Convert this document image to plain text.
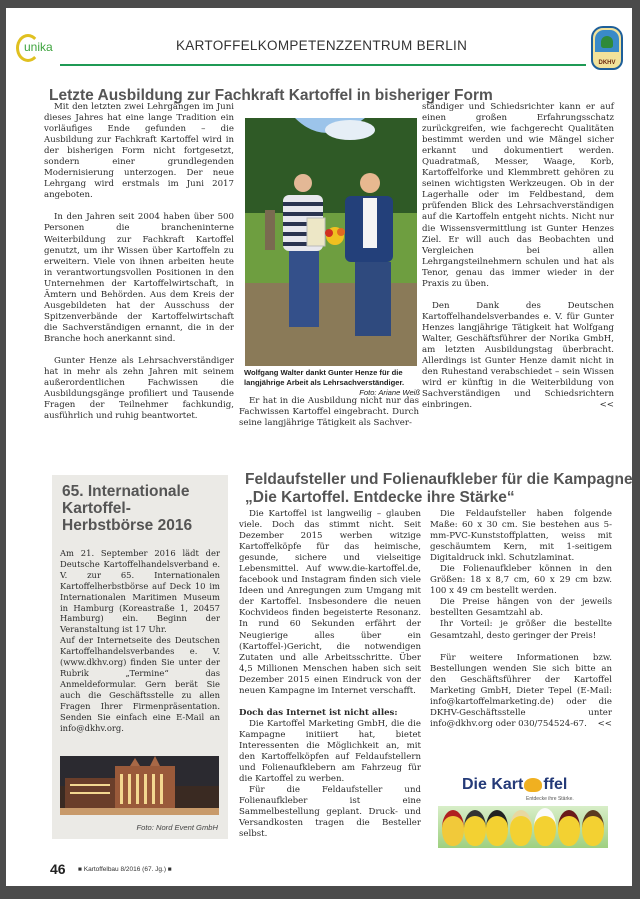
unika	KARTOFFELKOMPETENZZENTRUM BERLIN
DKHV
Letzte Ausbildung zur Fachkraft Kartoffel in bisheriger Form

Mit den letzten zwei Lehrgängen im Juni dieses Jahres hat eine lange Tradition ein vorläufiges Ende gefunden – die Ausbildung zur Fachkraft Kartoffel wird in der bisherigen Form nicht fortgesetzt, sondern einer grundlegenden Modernisierung unterzogen. Der neue Lehrgang wird erstmals im Juni 2017 angeboten.

In den Jahren seit 2004 haben über 500 Personen die brancheninterne Weiterbildung zur Fachkraft Kartoffel genutzt, um ihr Wissen über Kartoffeln zu erweitern. Viele von ihnen arbeiten heute in verantwortungsvollen Positionen in den Unternehmen der Kartoffelwirtschaft, in Ämtern und Behörden. Aus dem Kreis der Ausgebildeten hat der Ausschuss der Spitzenverbände der Kartoffelwirtschaft die Sachverständigen ernannt, die in der Branche hoch anerkannt sind.

Gunter Henze als Lehrsachverständiger hat in mehr als zehn Jahren mit seinem außerordentlichen Fachwissen die Ausbildungsgänge profiliert und Tausende Fragen der Teilnehmer fachkundig, ausführlich und ruhig beantwortet.

Wolfgang Walter dankt Gunter Henze für die langjährige Arbeit als Lehrsachverständiger.
Foto: Ariane Weiß

Er hat in die Ausbildung nicht nur das Fachwissen Kartoffel eingebracht. Durch seine langjährige Tätigkeit als Sachver-

ständiger und Schiedsrichter kann er auf einen großen Erfahrungsschatz zurückgreifen, wie fachgerecht Qualitäten bestimmt werden und wie Mängel sicher erkannt und dokumentiert werden. Quadratmaß, Messer, Waage, Korb, Kartoffelforke und Klemmbrett gehören zu seinen wichtigsten Werkzeugen. Ob in der Lagerhalle oder im Feldbestand, dem prüfenden Blick des Lehrsachverständigen auf die Kartoffeln entgeht nichts. Nicht nur die Wissensvermittlung ist Gunter Henzes Ziel. Er will auch das Beobachten und Vergleichen bei allen Lehrgangsteilnehmern schulen und hat als Tenor, genau das immer wieder in der Praxis zu üben.

Den Dank des Deutschen Kartoffelhandelsverbandes e. V. für Gunter Henzes langjährige Tätigkeit hat Wolfgang Walter, Geschäftsführer der Norika GmbH, am letzten Ausbildungstag überbracht. Allerdings ist Gunter Henze damit nicht in den Ruhestand verabschiedet – sein Wissen wird er künftig in die Weiterbildung von Sachverständigen und Schiedsrichtern einbringen.	<<

65. Internationale Kartoffel-Herbstbörse 2016

Am 21. September 2016 lädt der Deutsche Kartoffelhandelsverband e. V. zur 65. Internationalen Kartoffelherbstbörse auf Deck 10 im Internationalen Maritimen Museum in Hamburg (Koreastraße 1, 20457 Hamburg) ein. Beginn der Veranstaltung ist 17 Uhr.

Auf der Internetseite des Deutschen Kartoffelhandelsverbandes e. V. (www.dkhv.org) finden Sie unter der Rubrik „Termine“ das Anmeldeformular. Gern berät Sie auch die Geschäftsstelle zu allen Fragen Ihrer Firmenpräsentation. Senden Sie einfach eine E-Mail an info@dkhv.org.

Foto: Nord Event GmbH
Feldaufsteller und Folienaufkleber für die Kampagne „Die Kartoffel. Entdecke ihre Stärke“

Die Kartoffel ist langweilig – glauben viele. Doch das stimmt nicht. Seit Dezember 2015 werben witzige Kartoffelköpfe für das heimische, gesunde, sichere und vielseitige Lebensmittel. Auf www.die-kartoffel.de, facebook und Instagram finden sich viele Ideen und Anregungen zum Umgang mit der Kartoffel. Insbesondere die neuen Kochvideos finden begeisterte Resonanz. In rund 60 Sekunden erfährt der Neugierige alles über ein (Kartoffel-)Gericht, die notwendigen Zutaten und alle Arbeitsschritte. Über 4,5 Millionen Menschen haben sich seit Dezember 2015 einen Eindruck von der neuen Kampagne im Internet verschafft.

Doch das Internet ist nicht alles:

Die Kartoffel Marketing GmbH, die die Kampagne initiiert hat, bietet Interessenten die Möglichkeit an, mit den Kartoffelköpfen auf Feldaufstellern und Folienaufklebern am Fahrzeug für die Kartoffel zu werben.

Für die Feldaufsteller und Folienaufkleber ist eine Sammelbestellung geplant. Druck- und Versandkosten tragen die Besteller selbst.

Die Feldaufsteller haben folgende Maße: 60 x 30 cm. Sie bestehen aus 5-mm-PVC-Kunststoffplatten, weiss mit geschäumtem Kern, mit 1-seitigem Digitaldruck inkl. Schutzlaminat.

Die Folienaufkleber können in den Größen: 18 x 8,7 cm, 60 x 29 cm bzw. 100 x 49 cm bestellt werden.

Die Preise hängen von der jeweils bestellten Gesamtzahl ab.

Ihr Vorteil: je größer die bestellte Gesamtzahl, desto geringer der Preis!

Für weitere Informationen bzw. Bestellungen wenden Sie sich bitte an den Geschäftsführer der Kartoffel Marketing GmbH, Dieter Tepel (E-Mail: info@kartoffelmarketing.de) oder die DKHV-Geschäftsstelle unter info@dkhv.org oder 030/754524-67.	<<

Die Kart ffel
Entdecke ihre Stärke.
46 ■ Kartoffelbau 8/2016 (67. Jg.) ■
